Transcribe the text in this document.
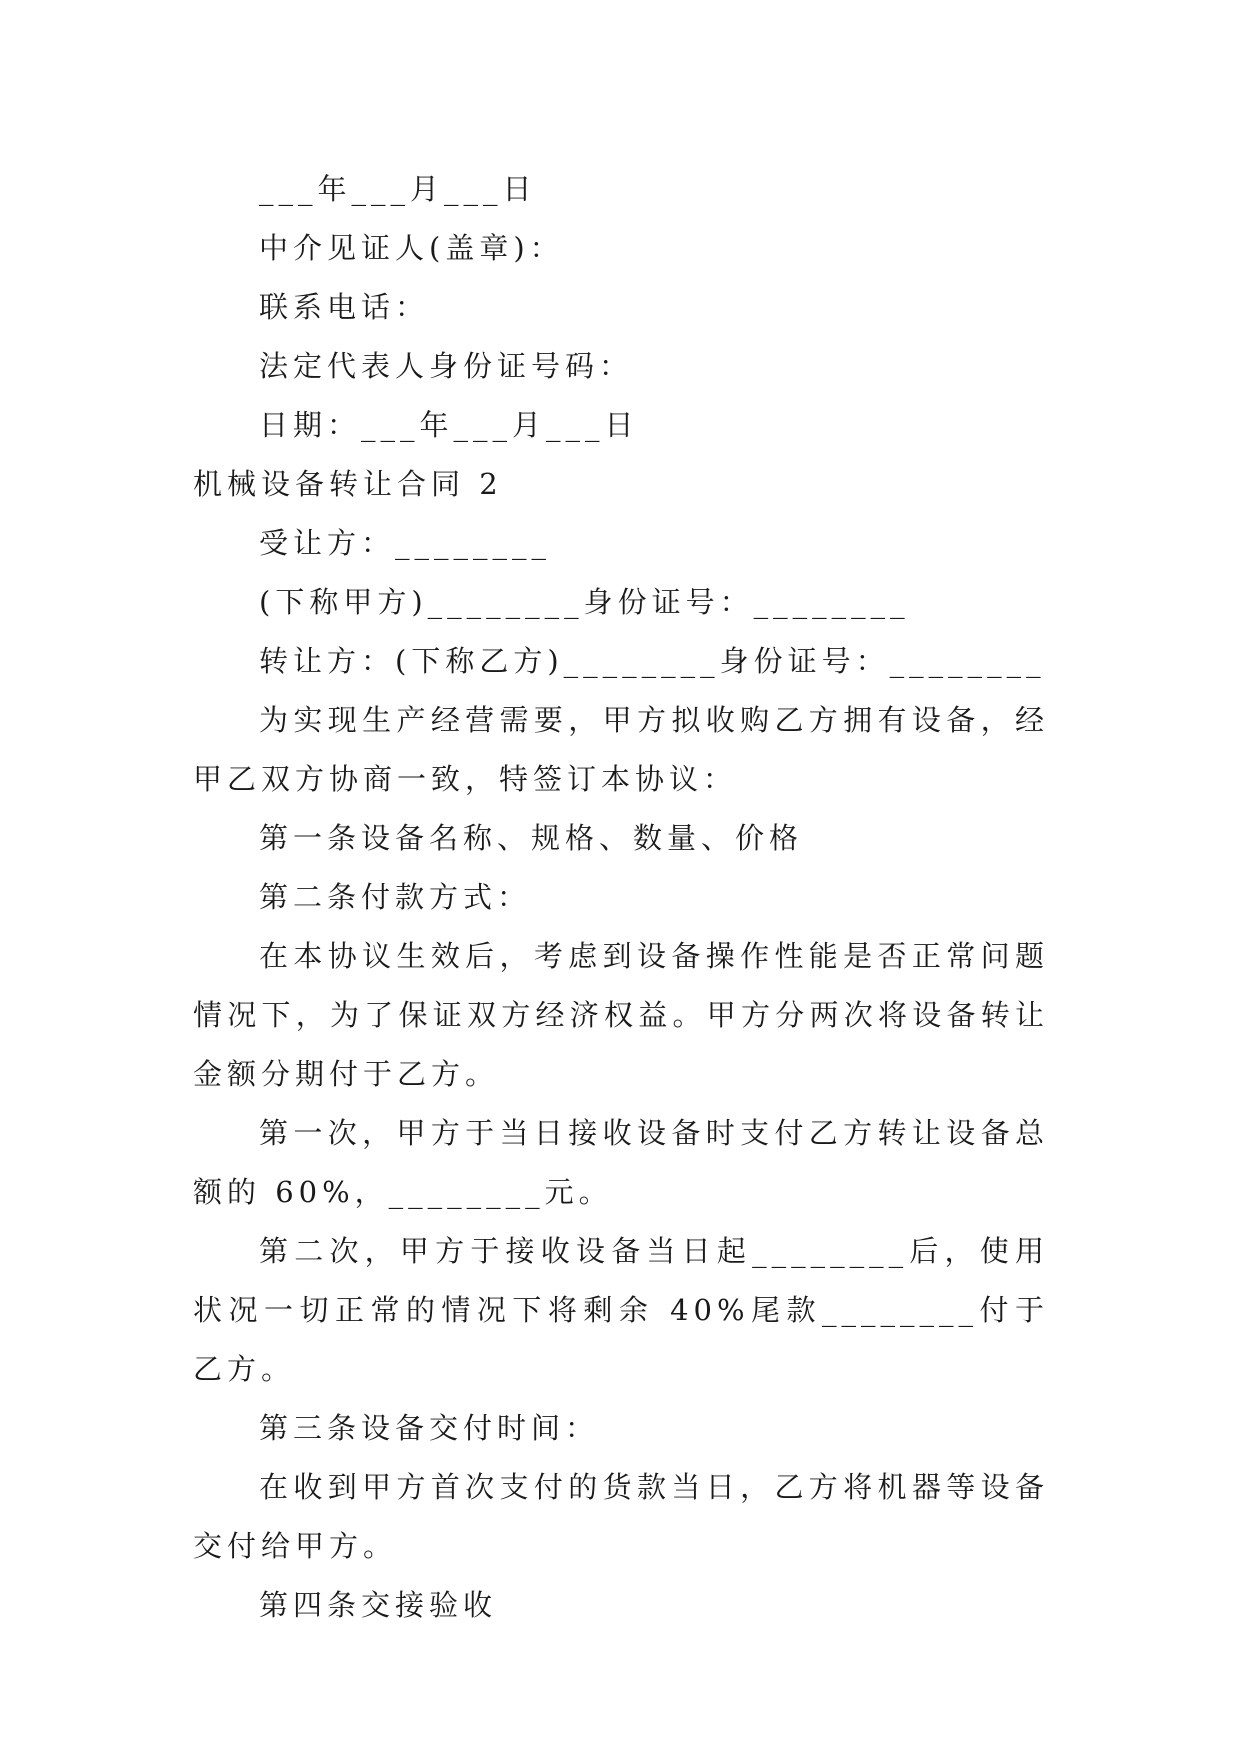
___年___月___日

中介见证人(盖章)：

联系电话：

法定代表人身份证号码：

日期：___年___月___日

机械设备转让合同 2

受让方：________

(下称甲方)________身份证号：________

转让方：(下称乙方)________身份证号：________

为实现生产经营需要，甲方拟收购乙方拥有设备，经甲乙双方协商一致，特签订本协议：

第一条设备名称、规格、数量、价格

第二条付款方式：

在本协议生效后，考虑到设备操作性能是否正常问题情况下，为了保证双方经济权益。甲方分两次将设备转让金额分期付于乙方。

第一次，甲方于当日接收设备时支付乙方转让设备总额的 60%，________元。

第二次，甲方于接收设备当日起________后，使用状况一切正常的情况下将剩余 40%尾款________付于乙方。

第三条设备交付时间：

在收到甲方首次支付的货款当日，乙方将机器等设备交付给甲方。

第四条交接验收
